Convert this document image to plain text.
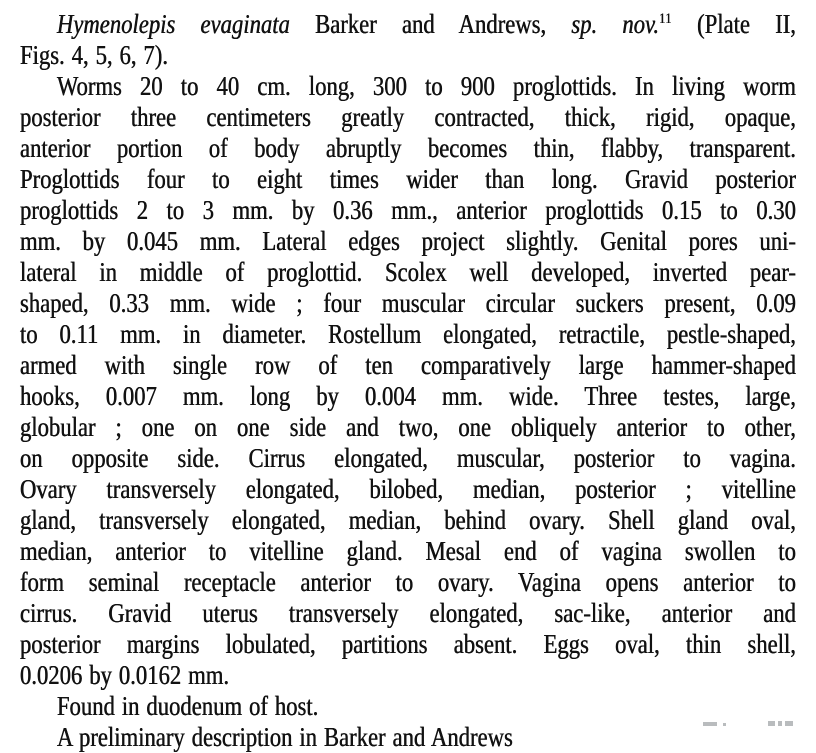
Hymenolepis evaginata Barker and Andrews, sp. nov.$^{11}$ (Plate II,
Figs. 4, 5, 6, 7).
Worms 20 to 40 cm. long, 300 to 900 proglottids. In living worm
posterior three centimeters greatly contracted, thick, rigid, opaque,
anterior portion of body abruptly becomes thin, flabby, transparent.
Proglottids four to eight times wider than long. Gravid posterior
proglottids 2 to 3 mm. by 0.36 mm., anterior proglottids 0.15 to 0.30
mm. by 0.045 mm. Lateral edges project slightly. Genital pores uni-
lateral in middle of proglottid. Scolex well developed, inverted pear-
shaped, 0.33 mm. wide ; four muscular circular suckers present, 0.09
to 0.11 mm. in diameter. Rostellum elongated, retractile, pestle-shaped,
armed with single row of ten comparatively large hammer-shaped
hooks, 0.007 mm. long by 0.004 mm. wide. Three testes, large,
globular ; one on one side and two, one obliquely anterior to other,
on opposite side. Cirrus elongated, muscular, posterior to vagina.
Ovary transversely elongated, bilobed, median, posterior ; vitelline
gland, transversely elongated, median, behind ovary. Shell gland oval,
median, anterior to vitelline gland. Mesal end of vagina swollen to
form seminal receptacle anterior to ovary. Vagina opens anterior to
cirrus. Gravid uterus transversely elongated, sac-like, anterior and
posterior margins lobulated, partitions absent. Eggs oval, thin shell,
0.0206 by 0.0162 mm.
Found in duodenum of host.
A preliminary description in Barker and Andrews
